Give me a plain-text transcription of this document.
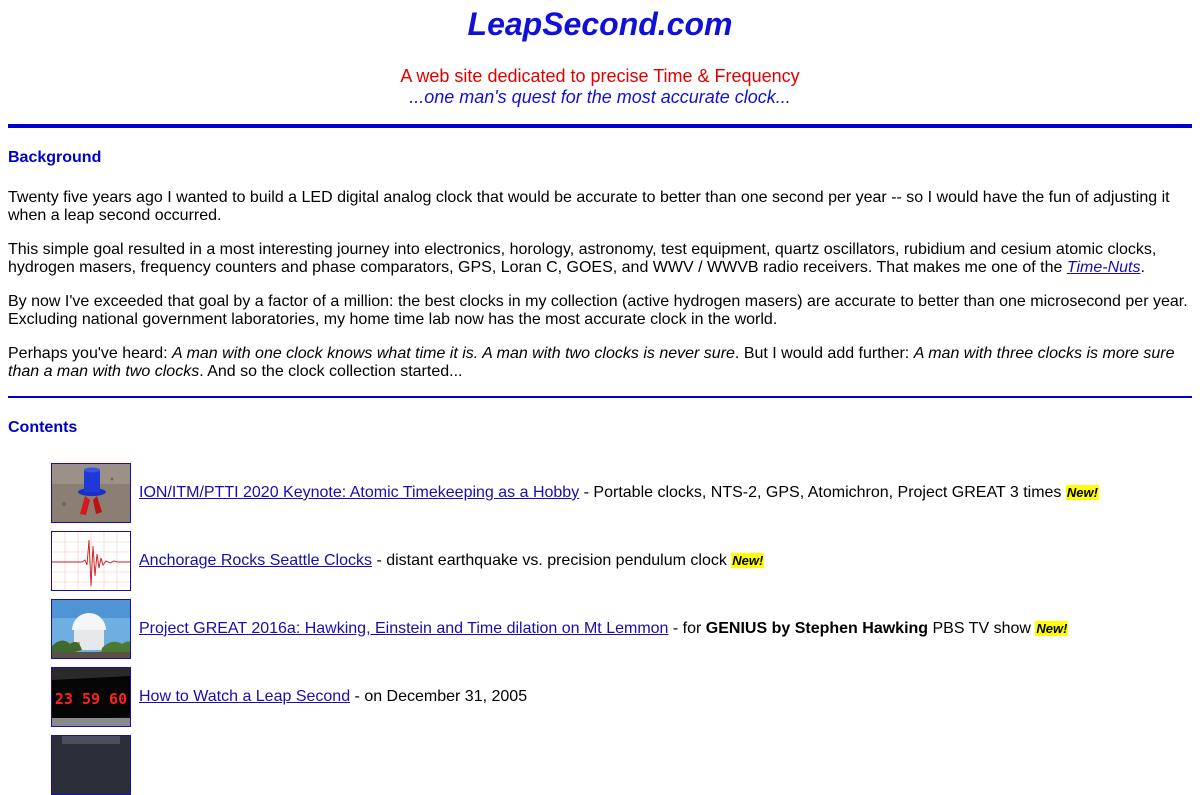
LeapSecond.com
A web site dedicated to precise Time & Frequency
...one man's quest for the most accurate clock...
Background

Twenty five years ago I wanted to build a LED digital analog clock that would be accurate to better than one second per year -- so I would have the fun of adjusting it when a leap second occurred.

This simple goal resulted in a most interesting journey into electronics, horology, astronomy, test equipment, quartz oscillators, rubidium and cesium atomic clocks, hydrogen masers, frequency counters and phase comparators, GPS, Loran C, GOES, and WWV / WWVB radio receivers. That makes me one of the Time-Nuts.

By now I've exceeded that goal by a factor of a million: the best clocks in my collection (active hydrogen masers) are accurate to better than one microsecond per year. Excluding national government laboratories, my home time lab now has the most accurate clock in the world.

Perhaps you've heard: A man with one clock knows what time it is. A man with two clocks is never sure. But I would add further: A man with three clocks is more sure than a man with two clocks. And so the clock collection started...

Contents
ION/ITM/PTTI 2020 Keynote: Atomic Timekeeping as a Hobby - Portable clocks, NTS-2, GPS, Atomichron, Project GREAT 3 times New!
Anchorage Rocks Seattle Clocks - distant earthquake vs. precision pendulum clock New!
Project GREAT 2016a: Hawking, Einstein and Time dilation on Mt Lemmon - for GENIUS by Stephen Hawking PBS TV show New!
23 59 60 How to Watch a Leap Second - on December 31, 2005
